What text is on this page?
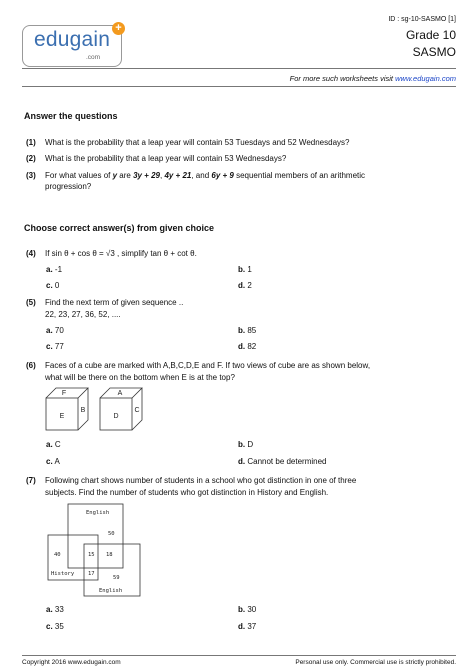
edugain
.com
+
ID : sg-10-SASMO [1]
Grade 10
SASMO
For more such worksheets visit www.edugain.com
Answer the questions
(1) What is the probability that a leap year will contain 53 Tuesdays and 52 Wednesdays?
(2) What is the probability that a leap year will contain 53 Wednesdays?
(3) For what values of y are 3y + 29, 4y + 21, and 6y + 9 sequential members of an arithmetic
progression?
Choose correct answer(s) from given choice
(4) If sin θ + cos θ = √3 , simplify tan θ + cot θ.
a. -1	b. 1
c. 0	d. 2
(5) Find the next term of given sequence ..
22, 23, 27, 36, 52, ....
a. 70	b. 85
c. 77	d. 82
(6) Faces of a cube are marked with A,B,C,D,E and F. If two views of cube are as shown below,
what will be there on the bottom when E is at the top?
F
E
B
A
D
C
a. C	b. D
c. A	d. Cannot be determined
(7) Following chart shows number of students in a school who got distinction in one of three
subjects. Find the number of students who got distinction in History and English.
English
50
40	15 18
History	17
59
English
a. 33	b. 30
c. 35	d. 37
Copyright 2016 www.edugain.com	Personal use only. Commercial use is strictly prohibited.
